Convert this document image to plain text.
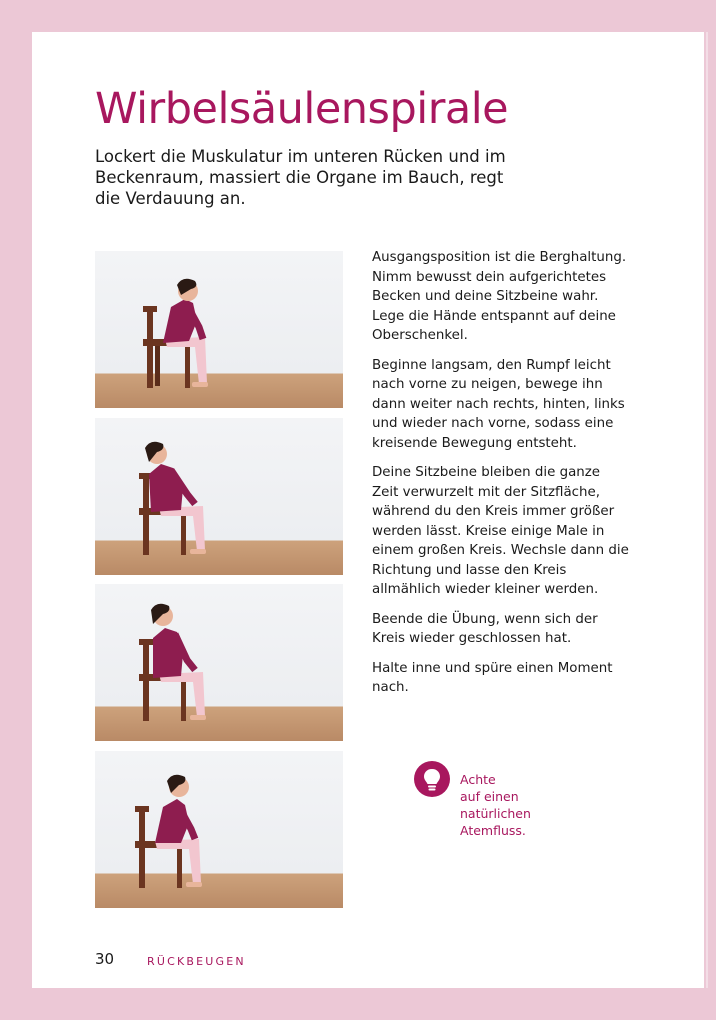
Wirbelsäulenspirale

Lockert die Muskulatur im unteren Rücken und im Beckenraum, massiert die Organe im Bauch, regt die Verdauung an.

Ausgangsposition ist die Berghaltung. Nimm bewusst dein aufgerichtetes Becken und deine Sitzbeine wahr. Lege die Hände entspannt auf deine Oberschenkel.

Beginne langsam, den Rumpf leicht nach vorne zu neigen, bewege ihn dann weiter nach rechts, hinten, links und wieder nach vorne, sodass eine kreisende Bewegung entsteht.

Deine Sitzbeine bleiben die ganze Zeit verwurzelt mit der Sitzfläche, während du den Kreis immer größer werden lässt. Kreise einige Male in einem großen Kreis. Wechsle dann die Richtung und lasse den Kreis allmählich wieder kleiner werden.

Beende die Übung, wenn sich der Kreis wieder geschlossen hat.

Halte inne und spüre einen Moment nach.

Achte
auf einen
natürlichen
Atemfluss.
30	RÜCKBEUGEN
